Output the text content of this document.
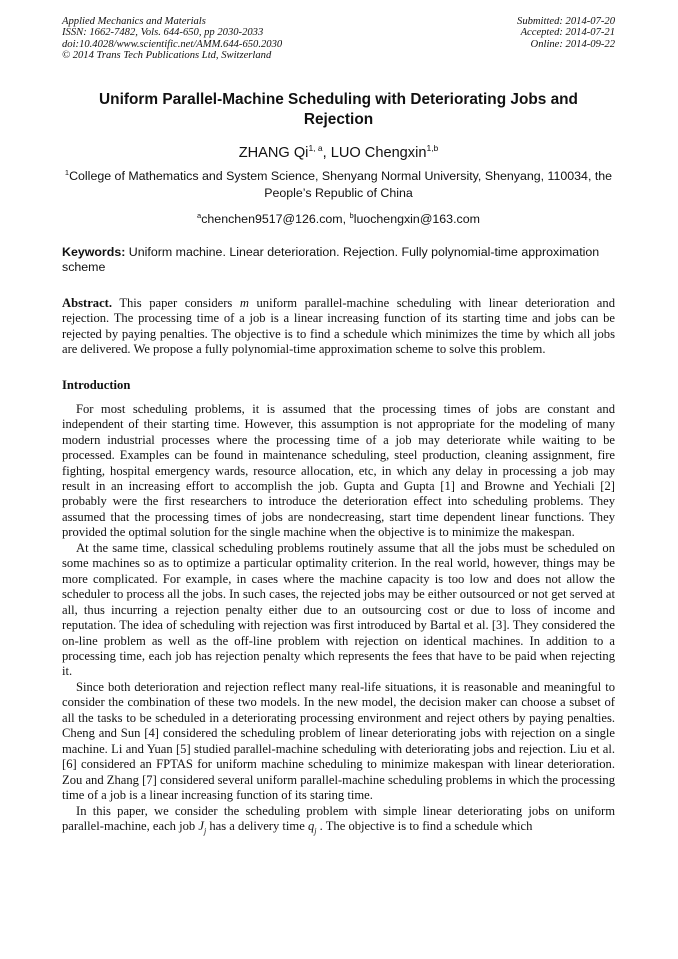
Applied Mechanics and Materials
ISSN: 1662-7482, Vols. 644-650, pp 2030-2033
doi:10.4028/www.scientific.net/AMM.644-650.2030
© 2014 Trans Tech Publications Ltd, Switzerland
Submitted: 2014-07-20
Accepted: 2014-07-21
Online: 2014-09-22
Uniform Parallel-Machine Scheduling with Deteriorating Jobs and
Rejection
ZHANG Qi$^{1, a}$, LUO Chengxin$^{1,b}$
$^1$College of Mathematics and System Science, Shenyang Normal University, Shenyang, 110034, the People’s Republic of China
$^a$chenchen9517@126.com, $^b$luochengxin@163.com
Keywords: Uniform machine. Linear deterioration. Rejection. Fully polynomial-time approximation scheme

Abstract. This paper considers m uniform parallel-machine scheduling with linear deterioration and rejection. The processing time of a job is a linear increasing function of its starting time and jobs can be rejected by paying penalties. The objective is to find a schedule which minimizes the time by which all jobs are delivered. We propose a fully polynomial-time approximation scheme to solve this problem.

Introduction

For most scheduling problems, it is assumed that the processing times of jobs are constant and independent of their starting time. However, this assumption is not appropriate for the modeling of many modern industrial processes where the processing time of a job may deteriorate while waiting to be processed. Examples can be found in maintenance scheduling, steel production, cleaning assignment, fire fighting, hospital emergency wards, resource allocation, etc, in which any delay in processing a job may result in an increasing effort to accomplish the job. Gupta and Gupta [1] and Browne and Yechiali [2] probably were the first researchers to introduce the deterioration effect into scheduling problems. They assumed that the processing times of jobs are nondecreasing, start time dependent linear functions. They provided the optimal solution for the single machine when the objective is to minimize the makespan.

At the same time, classical scheduling problems routinely assume that all the jobs must be scheduled on some machines so as to optimize a particular optimality criterion. In the real world, however, things may be more complicated. For example, in cases where the machine capacity is too low and does not allow the scheduler to process all the jobs. In such cases, the rejected jobs may be either outsourced or not get served at all, thus incurring a rejection penalty either due to an outsourcing cost or due to loss of income and reputation. The idea of scheduling with rejection was first introduced by Bartal et al. [3]. They considered the on-line problem as well as the off-line problem with rejection on identical machines. In addition to a processing time, each job has rejection penalty which represents the fees that have to be paid when rejecting it.

Since both deterioration and rejection reflect many real-life situations, it is reasonable and meaningful to consider the combination of these two models. In the new model, the decision maker can choose a subset of all the tasks to be scheduled in a deteriorating processing environment and reject others by paying penalties. Cheng and Sun [4] considered the scheduling problem of linear deteriorating jobs with rejection on a single machine. Li and Yuan [5] studied parallel-machine scheduling with deteriorating jobs and rejection. Liu et al. [6] considered an FPTAS for uniform machine scheduling to minimize makespan with linear deterioration. Zou and Zhang [7] considered several uniform parallel-machine scheduling problems in which the processing time of a job is a linear increasing function of its staring time.

In this paper, we consider the scheduling problem with simple linear deteriorating jobs on uniform parallel-machine, each job $J_j$ has a delivery time $q_j$ . The objective is to find a schedule which
